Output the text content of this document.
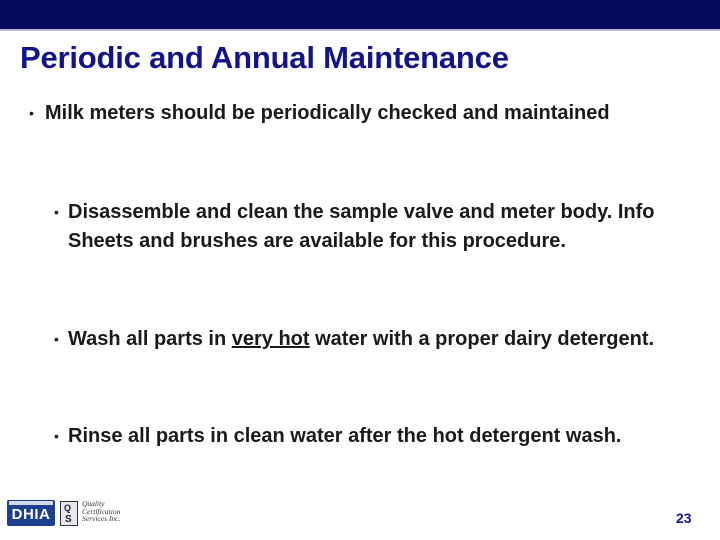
Periodic and Annual Maintenance
• Milk meters should be periodically checked and maintained
• Disassemble and clean the sample valve and meter body. Info Sheets and brushes are available for this procedure.
• Wash all parts in very hot water with a proper dairy detergent.
• Rinse all parts in clean water after the hot detergent wash.
DHIA Q
S
Quality
Certification
Services Inc.	23
